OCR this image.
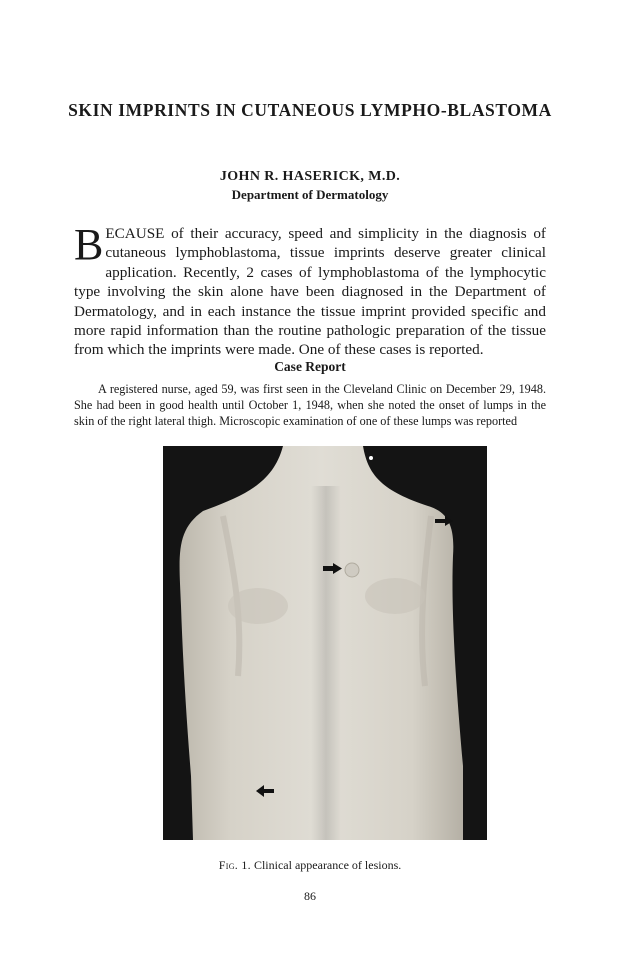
SKIN IMPRINTS IN CUTANEOUS LYMPHO-BLASTOMA
JOHN R. HASERICK, M.D.
Department of Dermatology

BECAUSE of their accuracy, speed and simplicity in the diagnosis of cutaneous lymphoblastoma, tissue imprints deserve greater clinical application. Recently, 2 cases of lymphoblastoma of the lymphocytic type involving the skin alone have been diagnosed in the Department of Dermatology, and in each instance the tissue imprint provided specific and more rapid information than the routine pathologic preparation of the tissue from which the imprints were made. One of these cases is reported.

Case Report

A registered nurse, aged 59, was first seen in the Cleveland Clinic on December 29, 1948. She had been in good health until October 1, 1948, when she noted the onset of lumps in the skin of the right lateral thigh. Microscopic examination of one of these lumps was reported

Fig. 1. Clinical appearance of lesions.
86
